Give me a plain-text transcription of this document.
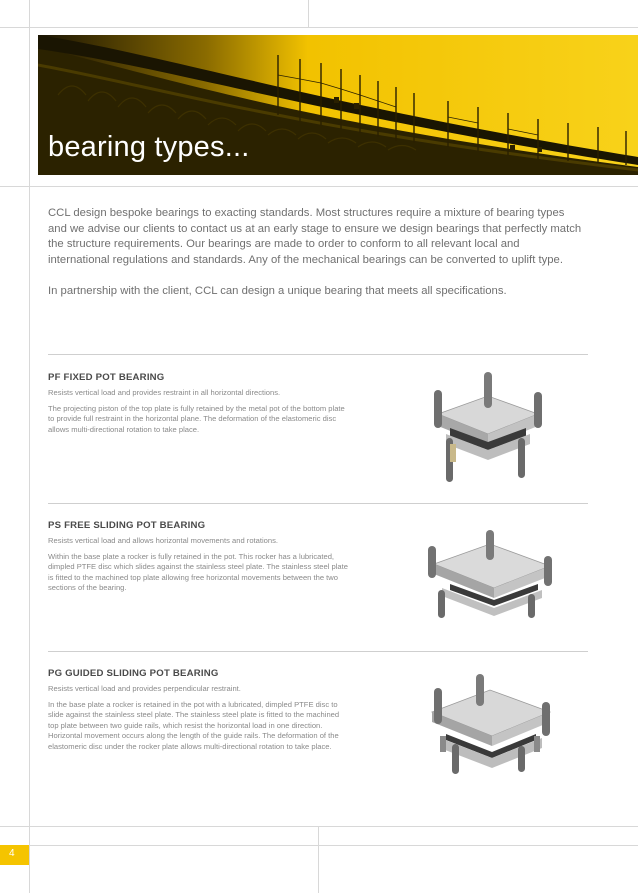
bearing types...

CCL design bespoke bearings to exacting standards. Most structures require a mixture of bearing types and we advise our clients to contact us at an early stage to ensure we design bearings that perfectly match the structure requirements. Our bearings are made to order to conform to all relevant local and international regulations and standards. Any of the mechanical bearings can be converted to uplift type.

In partnership with the client, CCL can design a unique bearing that meets all specifications.

PF FIXED POT BEARING

Resists vertical load and provides restraint in all horizontal directions.

The projecting piston of the top plate is fully retained by the metal pot of the bottom plate to provide full restraint in the horizontal plane. The deformation of the elastomeric disc allows multi-directional rotation to take place.

PS FREE SLIDING POT BEARING

Resists vertical load and allows horizontal movements and rotations.

Within the base plate a rocker is fully retained in the pot. This rocker has a lubricated, dimpled PTFE disc which slides against the stainless steel plate. The stainless steel plate is fitted to the machined top plate allowing free horizontal movements between the two sections of the bearing.

PG GUIDED SLIDING POT BEARING

Resists vertical load and provides perpendicular restraint.

In the base plate a rocker is retained in the pot with a lubricated, dimpled PTFE disc to slide against the stainless steel plate. The stainless steel plate is fitted to the machined top plate between two guide rails, which resist the horizontal load in one direction. Horizontal movement occurs along the length of the guide rails. The deformation of the elastomeric disc under the rocker plate allows multi-directional rotation to take place.

4
